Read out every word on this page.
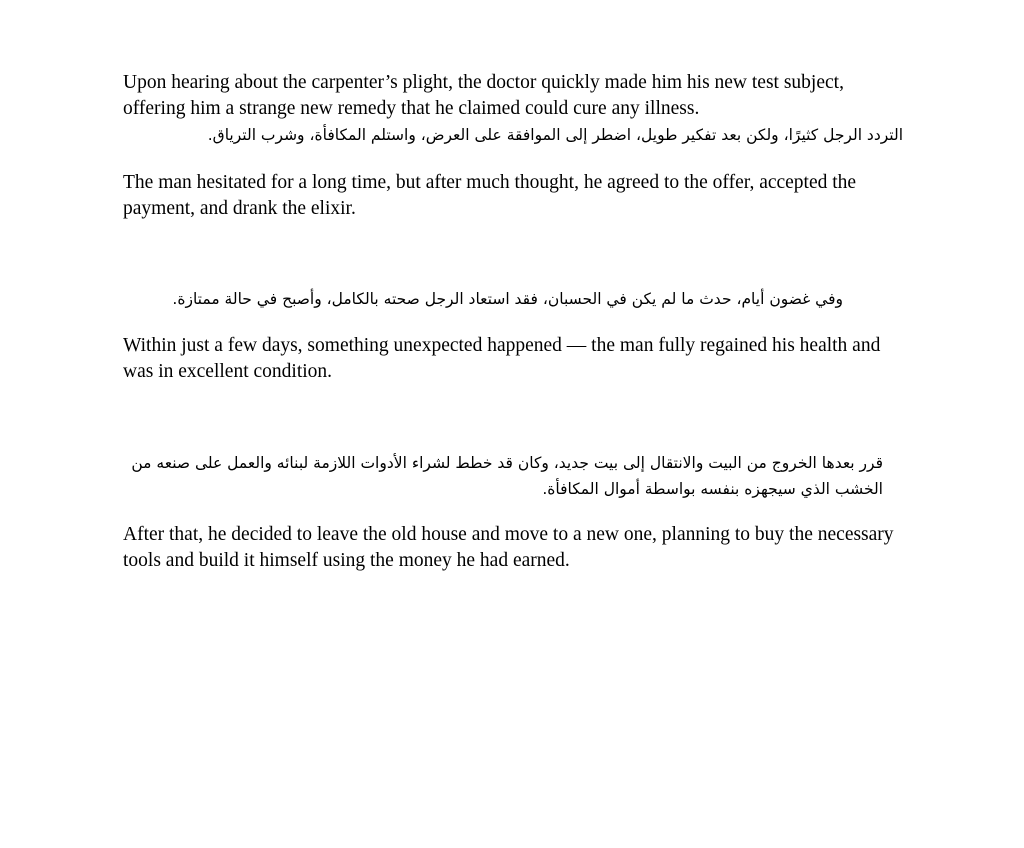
Upon hearing about the carpenter’s plight, the doctor quickly made him his new test subject, offering him a strange new remedy that he claimed could cure any illness.

التردد الرجل كثيرًا، ولكن بعد تفكير طويل، اضطر إلى الموافقة على العرض، واستلم المكافأة، وشرب الترياق.

The man hesitated for a long time, but after much thought, he agreed to the offer, accepted the payment, and drank the elixir.

وفي غضون أيام، حدث ما لم يكن في الحسبان، فقد استعاد الرجل صحته بالكامل، وأصبح في حالة ممتازة.

Within just a few days, something unexpected happened — the man fully regained his health and was in excellent condition.

قرر بعدها الخروج من البيت والانتقال إلى بيت جديد، وكان قد خطط لشراء الأدوات اللازمة لبنائه والعمل على صنعه من الخشب الذي سيجهزه بنفسه بواسطة أموال المكافأة.

After that, he decided to leave the old house and move to a new one, planning to buy the necessary tools and build it himself using the money he had earned.
